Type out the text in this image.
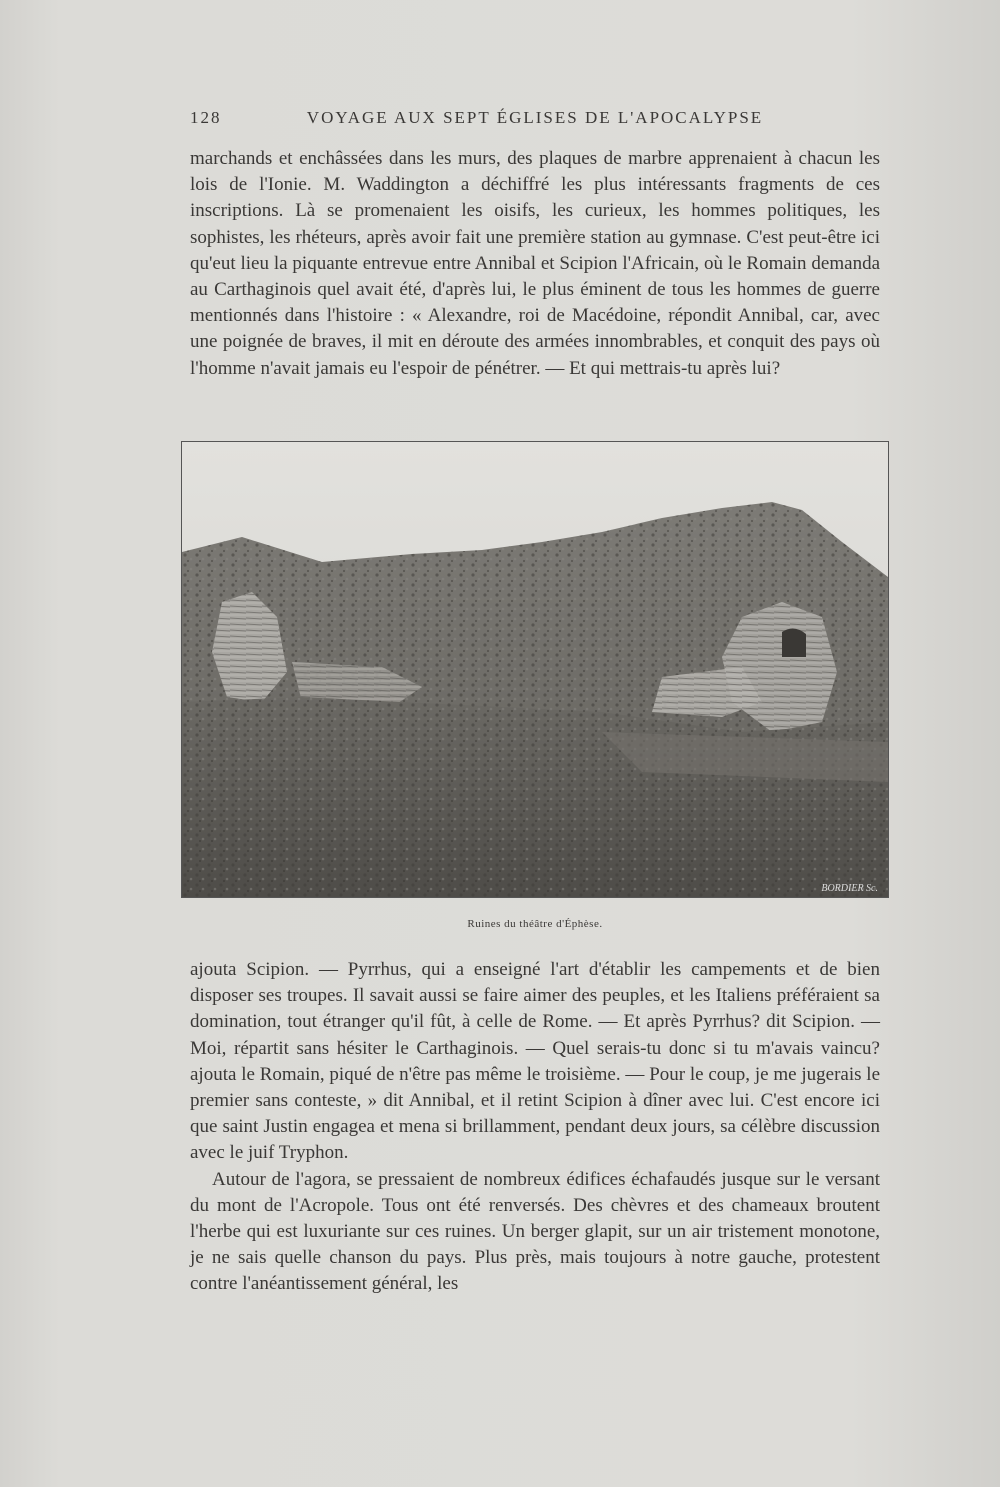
128	VOYAGE AUX SEPT ÉGLISES DE L'APOCALYPSE

marchands et enchâssées dans les murs, des plaques de marbre apprenaient à chacun les lois de l'Ionie. M. Waddington a déchiffré les plus intéressants fragments de ces inscriptions. Là se promenaient les oisifs, les curieux, les hommes politiques, les sophistes, les rhéteurs, après avoir fait une première station au gymnase. C'est peut-être ici qu'eut lieu la piquante entrevue entre Annibal et Scipion l'Africain, où le Romain demanda au Carthaginois quel avait été, d'après lui, le plus éminent de tous les hommes de guerre mentionnés dans l'histoire : « Alexandre, roi de Macédoine, répondit Annibal, car, avec une poignée de braves, il mit en déroute des armées innombrables, et conquit des pays où l'homme n'avait jamais eu l'espoir de pénétrer. — Et qui mettrais-tu après lui?

BORDIER Sc.
Ruines du théâtre d'Éphèse.

ajouta Scipion. — Pyrrhus, qui a enseigné l'art d'établir les campements et de bien disposer ses troupes. Il savait aussi se faire aimer des peuples, et les Italiens préféraient sa domination, tout étranger qu'il fût, à celle de Rome. — Et après Pyrrhus? dit Scipion. — Moi, répartit sans hésiter le Carthaginois. — Quel serais-tu donc si tu m'avais vaincu? ajouta le Romain, piqué de n'être pas même le troisième. — Pour le coup, je me jugerais le premier sans conteste, » dit Annibal, et il retint Scipion à dîner avec lui. C'est encore ici que saint Justin engagea et mena si brillamment, pendant deux jours, sa célèbre discussion avec le juif Tryphon.

Autour de l'agora, se pressaient de nombreux édifices échafaudés jusque sur le versant du mont de l'Acropole. Tous ont été renversés. Des chèvres et des chameaux broutent l'herbe qui est luxuriante sur ces ruines. Un berger glapit, sur un air tristement monotone, je ne sais quelle chanson du pays. Plus près, mais toujours à notre gauche, protestent contre l'anéantissement général, les
